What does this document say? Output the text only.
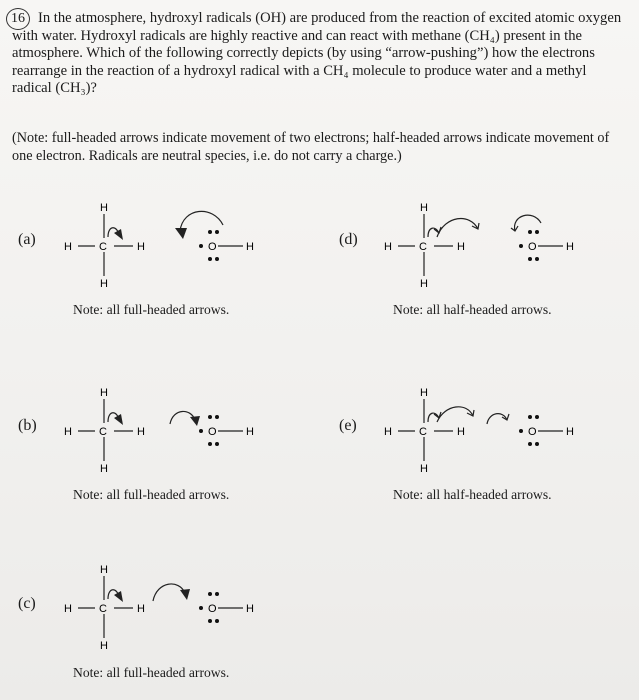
16 In the atmosphere, hydroxyl radicals (OH) are produced from the reaction of excited atomic oxygen with water. Hydroxyl radicals are highly reactive and can react with methane (CH₄) present in the atmosphere. Which of the following correctly depicts (by using “arrow-pushing”) how the electrons rearrange in the reaction of a hydroxyl radical with a CH₄ molecule to produce water and a methyl radical (CH₃)?

(Note: full-headed arrows indicate movement of two electrons; half-headed arrows indicate movement of one electron. Radicals are neutral species, i.e. do not carry a charge.)

(a)
H
H C	H
H
O	H
Note: all full-headed arrows.
(d)
H
H C	H
H
O	H
Note: all half-headed arrows.
(b)
H
H C	H
H
O	H
Note: all full-headed arrows.
(e)
H
H C	H
H
O	H
Note: all half-headed arrows.
(c)
H
H C	H
H
O	H
Note: all full-headed arrows.
